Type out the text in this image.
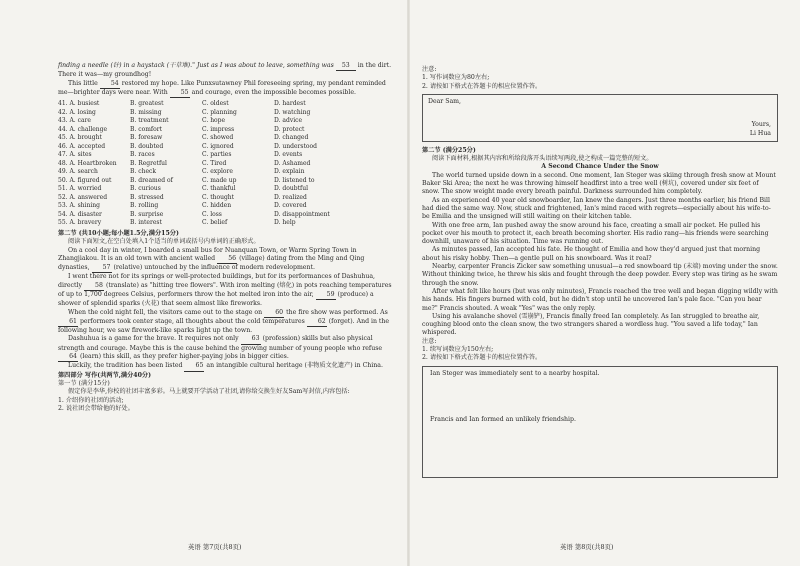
finding a needle (针) in a haystack (干草堆)." Just as I was about to leave, something was 53 in the dirt. There it was—my groundhog!

This little 54 restored my hope. Like Punxsutawney Phil foreseeing spring, my pendant reminded me—brighter days were near. With 55 and courage, even the impossible becomes possible.

41. A. busiest	B. greatest	C. oldest	D. hardest
42. A. losing	B. missing	C. planning	D. watching
43. A. care	B. treatment	C. hope	D. advice
44. A. challenge	B. comfort	C. impress	D. protect
45. A. brought	B. foresaw	C. showed	D. changed
46. A. accepted	B. doubted	C. ignored	D. understood
47. A. sites	B. races	C. parties	D. events
48. A. Heartbroken	B. Regretful	C. Tired	D. Ashamed
49. A. search	B. check	C. explore	D. explain
50. A. figured out	B. dreamed of	C. made up	D. listened to
51. A. worried	B. curious	C. thankful	D. doubtful
52. A. answered	B. stressed	C. thought	D. realized
53. A. shining	B. rolling	C. hidden	D. covered
54. A. disaster	B. surprise	C. loss	D. disappointment
55. A. bravery	B. interest	C. belief	D. help

第二节 (共10小题;每小题1.5分,满分15分)

阅读下面短文,在空白处填入1个适当的单词或括号内单词的正确形式。

On a cool day in winter, I boarded a small bus for Nuanquan Town, or Warm Spring Town in Zhangjiakou. It is an old town with ancient walled 56 (village) dating from the Ming and Qing dynasties, 57 (relative) untouched by the influence of modern redevelopment.

I went there not for its springs or well-protected buildings, but for its performances of Dashuhua, directly 58 (translate) as "hitting tree flowers". With iron melting (熔化) in pots reaching temperatures of up to 1,700 degrees Celsius, performers throw the hot melted iron into the air, 59 (produce) a shower of splendid sparks (火花) that seem almost like fireworks.

When the cold night fell, the visitors came out to the stage on 60 the fire show was performed. As 61 performers took center stage, all thoughts about the cold temperatures 62 (forget). And in the following hour, we saw firework-like sparks light up the town.

Dashuhua is a game for the brave. It requires not only 63 (profession) skills but also physical strength and courage. Maybe this is the cause behind the growing number of young people who refuse 64 (learn) this skill, as they prefer higher-paying jobs in bigger cities.

Luckily, the tradition has been listed 65 an intangible cultural heritage (非物质文化遗产) in China.

第四部分 写作(共两节,满分40分)

第一节 (满分15分)

假定你是李华,你校的社团丰富多彩。马上就要开学活动了社团,请你给交换生好友Sam写封信,内容包括:

1. 介绍你的社团的活动;

2. 说社团会带给他的好处。

英语 第7页(共8页)

注意:

1. 写作词数应为80左右;

2. 请按如下格式在答题卡的相应位置作答。

Dear Sam,
Yours,
Li Hua

第二节 (满分25分)

阅读下面材料,根据其内容和所给段落开头语续写两段,使之构成一篇完整的短文。

A Second Chance Under the Snow

The world turned upside down in a second. One moment, Ian Steger was skiing through fresh snow at Mount Baker Ski Area; the next he was throwing himself headfirst into a tree well (树坑), covered under six feet of snow. The snow weight made every breath painful. Darkness surrounded him completely.

As an experienced 40 year old snowboarder, Ian knew the dangers. Just three months earlier, his friend Bill had died the same way. Now, stuck and frightened, Ian's mind raced with regrets—especially about his wife-to-be Emilia and the unsigned will still waiting on their kitchen table.

With one free arm, Ian pushed away the snow around his face, creating a small air pocket. He pulled his pocket over his mouth to protect it, each breath becoming shorter. His radio rang—his friends were searching downhill, unaware of his situation. Time was running out.

As minutes passed, Ian accepted his fate. He thought of Emilia and how they'd argued just that morning about his risky hobby. Then—a gentle pull on his snowboard. Was it real?

Nearby, carpenter Francis Zicker saw something unusual—a red snowboard tip (末端) moving under the snow. Without thinking twice, he threw his skis and fought through the deep powder. Every step was tiring as he swam through the snow.

After what felt like hours (but was only minutes), Francis reached the tree well and began digging wildly with his hands. His fingers burned with cold, but he didn't stop until he uncovered Ian's pale face. "Can you hear me?" Francis shouted. A weak "Yes" was the only reply.

Using his avalanche shovel (雪崩铲), Francis finally freed Ian completely. As Ian struggled to breathe air, coughing blood onto the clean snow, the two strangers shared a wordless hug. "You saved a life today," Ian whispered.

注意:

1. 续写词数应为150左右;

2. 请按如下格式在答题卡的相应位置作答。

Ian Steger was immediately sent to a nearby hospital.
Francis and Ian formed an unlikely friendship.
英语 第8页(共8页)
